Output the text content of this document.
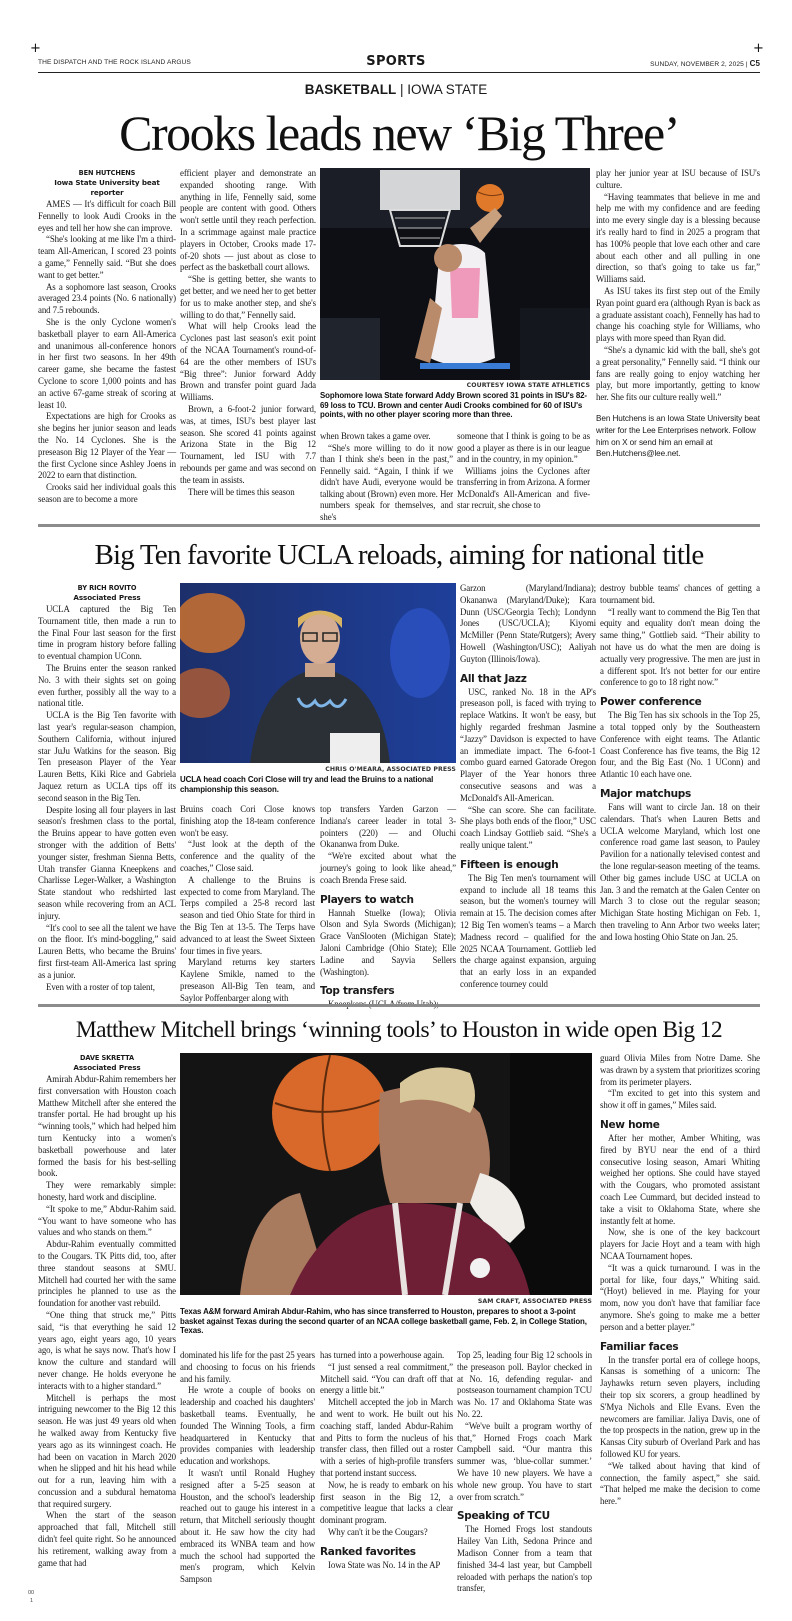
+	+
THE DISPATCH AND THE ROCK ISLAND ARGUS	SPORTS	SUNDAY, NOVEMBER 2, 2025 | C5
BASKETBALL | IOWA STATE
Crooks leads new ‘Big Three’
BEN HUTCHENS
Iowa State University beat reporter

AMES — It's difficult for coach Bill Fennelly to look Audi Crooks in the eyes and tell her how she can improve.

“She's looking at me like I'm a third-team All-American, I scored 23 points a game,” Fennelly said. “But she does want to get better.”

As a sophomore last season, Crooks averaged 23.4 points (No. 6 nationally) and 7.5 rebounds.

She is the only Cyclone women's basketball player to earn All-America and unanimous all-conference honors in her first two seasons. In her 49th career game, she became the fastest Cyclone to score 1,000 points and has an active 67-game streak of scoring at least 10.

Expectations are high for Crooks as she begins her junior season and leads the No. 14 Cyclones. She is the preseason Big 12 Player of the Year — the first Cyclone since Ashley Joens in 2022 to earn that distinction.

Crooks said her individual goals this season are to become a more

efficient player and demonstrate an expanded shooting range. With anything in life, Fennelly said, some people are content with good. Others won't settle until they reach perfection. In a scrimmage against male practice players in October, Crooks made 17-of-20 shots — just about as close to perfect as the basketball court allows.

“She is getting better, she wants to get better, and we need her to get better for us to make another step, and she's willing to do that,” Fennelly said.

What will help Crooks lead the Cyclones past last season's exit point of the NCAA Tournament's round-of-64 are the other members of ISU's “Big three”: Junior forward Addy Brown and transfer point guard Jada Williams.

Brown, a 6-foot-2 junior forward, was, at times, ISU's best player last season. She scored 41 points against Arizona State in the Big 12 Tournament, led ISU with 7.7 rebounds per game and was second on the team in assists.

There will be times this season

COURTESY IOWA STATE ATHLETICS
Sophomore Iowa State forward Addy Brown scored 31 points in ISU's 82-69 loss to TCU. Brown and center Audi Crooks combined for 60 of ISU's points, with no other player scoring more than three.

when Brown takes a game over.

“She's more willing to do it now than I think she's been in the past,” Fennelly said. “Again, I think if we didn't have Audi, everyone would be talking about (Brown) even more. Her numbers speak for themselves, and she's

someone that I think is going to be as good a player as there is in our league and in the country, in my opinion.”

Williams joins the Cyclones after transferring in from Arizona. A former McDonald's All-American and five-star recruit, she chose to

play her junior year at ISU because of ISU's culture.

“Having teammates that believe in me and help me with my confidence and are feeding into me every single day is a blessing because it's really hard to find in 2025 a program that has 100% people that love each other and care about each other and all pulling in one direction, so that's going to take us far,” Williams said.

As ISU takes its first step out of the Emily Ryan point guard era (although Ryan is back as a graduate assistant coach), Fennelly has had to change his coaching style for Williams, who plays with more speed than Ryan did.

“She's a dynamic kid with the ball, she's got a great personality,” Fennelly said. “I think our fans are really going to enjoy watching her play, but more importantly, getting to know her. She fits our culture really well.”

Ben Hutchens is an Iowa State University beat writer for the Lee Enterprises network. Follow him on X or send him an email at Ben.Hutchens@lee.net.

Big Ten favorite UCLA reloads, aiming for national title
BY RICH ROVITO
Associated Press

UCLA captured the Big Ten Tournament title, then made a run to the Final Four last season for the first time in program history before falling to eventual champion UConn.

The Bruins enter the season ranked No. 3 with their sights set on going even further, possibly all the way to a national title.

UCLA is the Big Ten favorite with last year's regular-season champion, Southern California, without injured star JuJu Watkins for the season. Big Ten preseason Player of the Year Lauren Betts, Kiki Rice and Gabriela Jaquez return as UCLA tips off its second season in the Big Ten.

Despite losing all four players in last season's freshmen class to the portal, the Bruins appear to have gotten even stronger with the addition of Betts' younger sister, freshman Sienna Betts, Utah transfer Gianna Kneepkens and Charlisse Leger-Walker, a Washington State standout who redshirted last season while recovering from an ACL injury.

“It's cool to see all the talent we have on the floor. It's mind-boggling,” said Lauren Betts, who became the Bruins' first first-team All-America last spring as a junior.

Even with a roster of top talent,

CHRIS O'MEARA, ASSOCIATED PRESS
UCLA head coach Cori Close will try and lead the Bruins to a national championship this season.

Bruins coach Cori Close knows finishing atop the 18-team conference won't be easy.

“Just look at the depth of the conference and the quality of the coaches,” Close said.

A challenge to the Bruins is expected to come from Maryland. The Terps compiled a 25-8 record last season and tied Ohio State for third in the Big Ten at 13-5. The Terps have advanced to at least the Sweet Sixteen four times in five years.

Maryland returns key starters Kaylene Smikle, named to the preseason All-Big Ten team, and Saylor Poffenbarger along with

top transfers Yarden Garzon — Indiana's career leader in total 3-pointers (220) — and Oluchi Okananwa from Duke.

“We're excited about what the journey's going to look like ahead,” coach Brenda Frese said.

Players to watch

Hannah Stuelke (Iowa); Olivia Olson and Syla Swords (Michigan); Grace VanSlooten (Michigan State); Jaloni Cambridge (Ohio State); Elle Ladine and Sayvia Sellers (Washington).

Top transfers

Garzon (Maryland/Indiana); Okananwa (Maryland/Duke); Kara Dunn (USC/Georgia Tech); Londynn Jones (USC/UCLA); Kiyomi McMiller (Penn State/Rutgers); Avery Howell (Washington/USC); Aaliyah Guyton (Illinois/Iowa).

All that Jazz

USC, ranked No. 18 in the AP's preseason poll, is faced with trying to replace Watkins. It won't be easy, but highly regarded freshman Jasmine “Jazzy” Davidson is expected to have an immediate impact. The 6-foot-1 combo guard earned Gatorade Oregon Player of the Year honors three consecutive seasons and was a McDonald's All-American.

“She can score. She can facilitate. She plays both ends of the floor,” USC coach Lindsay Gottlieb said. “She's a really unique talent.”

Fifteen is enough

The Big Ten men's tournament will expand to include all 18 teams this season, but the women's tourney will remain at 15. The decision comes after 12 Big Ten women's teams – a March Madness record – qualified for the 2025 NCAA Tournament. Gottlieb led the charge against expansion, arguing that an early loss in an expanded conference tourney could

destroy bubble teams' chances of getting a tournament bid.

“I really want to commend the Big Ten that equity and equality don't mean doing the same thing,” Gottlieb said. “Their ability to not have us do what the men are doing is actually very progressive. The men are just in a different spot. It's not better for our entire conference to go to 18 right now.”

Power conference

The Big Ten has six schools in the Top 25, a total topped only by the Southeastern Conference with eight teams. The Atlantic Coast Conference has five teams, the Big 12 four, and the Big East (No. 1 UConn) and Atlantic 10 each have one.

Major matchups

Fans will want to circle Jan. 18 on their calendars. That's when Lauren Betts and UCLA welcome Maryland, which lost one conference road game last season, to Pauley Pavilion for a nationally televised contest and the lone regular-season meeting of the teams. Other big games include USC at UCLA on Jan. 3 and the rematch at the Galen Center on March 3 to close out the regular season; Michigan State hosting Michigan on Feb. 1, then traveling to Ann Arbor two weeks later; and Iowa hosting Ohio State on Jan. 25.

Matthew Mitchell brings ‘winning tools’ to Houston in wide open Big 12
DAVE SKRETTA
Associated Press

Amirah Abdur-Rahim remembers her first conversation with Houston coach Matthew Mitchell after she entered the transfer portal. He had brought up his “winning tools,” which had helped him turn Kentucky into a women's basketball powerhouse and later formed the basis for his best-selling book.

They were remarkably simple: honesty, hard work and discipline.

“It spoke to me,” Abdur-Rahim said. “You want to have someone who has values and who stands on them.”

Abdur-Rahim eventually committed to the Cougars. TK Pitts did, too, after three standout seasons at SMU. Mitchell had courted her with the same principles he planned to use as the foundation for another vast rebuild.

“One thing that struck me,” Pitts said, “is that everything he said 12 years ago, eight years ago, 10 years ago, is what he says now. That's how I know the culture and standard will never change. He holds everyone he interacts with to a higher standard.”

Mitchell is perhaps the most intriguing newcomer to the Big 12 this season. He was just 49 years old when he walked away from Kentucky five years ago as its winningest coach. He had been on vacation in March 2020 when he slipped and hit his head while out for a run, leaving him with a concussion and a subdural hematoma that required surgery.

When the start of the season approached that fall, Mitchell still didn't feel quite right. So he announced his retirement, walking away from a game that had

SAM CRAFT, ASSOCIATED PRESS
Texas A&M forward Amirah Abdur-Rahim, who has since transferred to Houston, prepares to shoot a 3-point basket against Texas during the second quarter of an NCAA college basketball game, Feb. 2, in College Station, Texas.

dominated his life for the past 25 years and choosing to focus on his friends and his family.

He wrote a couple of books on leadership and coached his daughters' basketball teams. Eventually, he founded The Winning Tools, a firm headquartered in Kentucky that provides companies with leadership education and workshops.

It wasn't until Ronald Hughey resigned after a 5-25 season at Houston, and the school's leadership reached out to gauge his interest in a return, that Mitchell seriously thought about it. He saw how the city had embraced its WNBA team and how much the school had supported the men's program, which Kelvin Sampson

has turned into a powerhouse again.

“I just sensed a real commitment,” Mitchell said. “You can draft off that energy a little bit.”

Mitchell accepted the job in March and went to work. He built out his coaching staff, landed Abdur-Rahim and Pitts to form the nucleus of his transfer class, then filled out a roster with a series of high-profile transfers that portend instant success.

Now, he is ready to embark on his first season in the Big 12, a competitive league that lacks a clear dominant program.

Why can't it be the Cougars?

Ranked favorites

Iowa State was No. 14 in the AP

Top 25, leading four Big 12 schools in the preseason poll. Baylor checked in at No. 16, defending regular- and postseason tournament champion TCU was No. 17 and Oklahoma State was No. 22.

“We've built a program worthy of that,” Horned Frogs coach Mark Campbell said. “Our mantra this summer was, ‘blue-collar summer.’ We have 10 new players. We have a whole new group. You have to start over from scratch.”

Speaking of TCU

The Horned Frogs lost standouts Hailey Van Lith, Sedona Prince and Madison Conner from a team that finished 34-4 last year, but Campbell reloaded with perhaps the nation's top transfer,

guard Olivia Miles from Notre Dame. She was drawn by a system that prioritizes scoring from its perimeter players.

“I'm excited to get into this system and show it off in games,” Miles said.

New home

After her mother, Amber Whiting, was fired by BYU near the end of a third consecutive losing season, Amari Whiting weighed her options. She could have stayed with the Cougars, who promoted assistant coach Lee Cummard, but decided instead to take a visit to Oklahoma State, where she instantly felt at home.

Now, she is one of the key backcourt players for Jacie Hoyt and a team with high NCAA Tournament hopes.

“It was a quick turnaround. I was in the portal for like, four days,” Whiting said. “(Hoyt) believed in me. Playing for your mom, now you don't have that familiar face anymore. She's going to make me a better person and a better player.”

Familiar faces

In the transfer portal era of college hoops, Kansas is something of a unicorn: The Jayhawks return seven players, including their top six scorers, a group headlined by S'Mya Nichols and Elle Evans. Even the newcomers are familiar. Jaliya Davis, one of the top prospects in the nation, grew up in the Kansas City suburb of Overland Park and has followed KU for years.

“We talked about having that kind of connection, the family aspect,” she said. “That helped me make the decision to come here.”

00
1
